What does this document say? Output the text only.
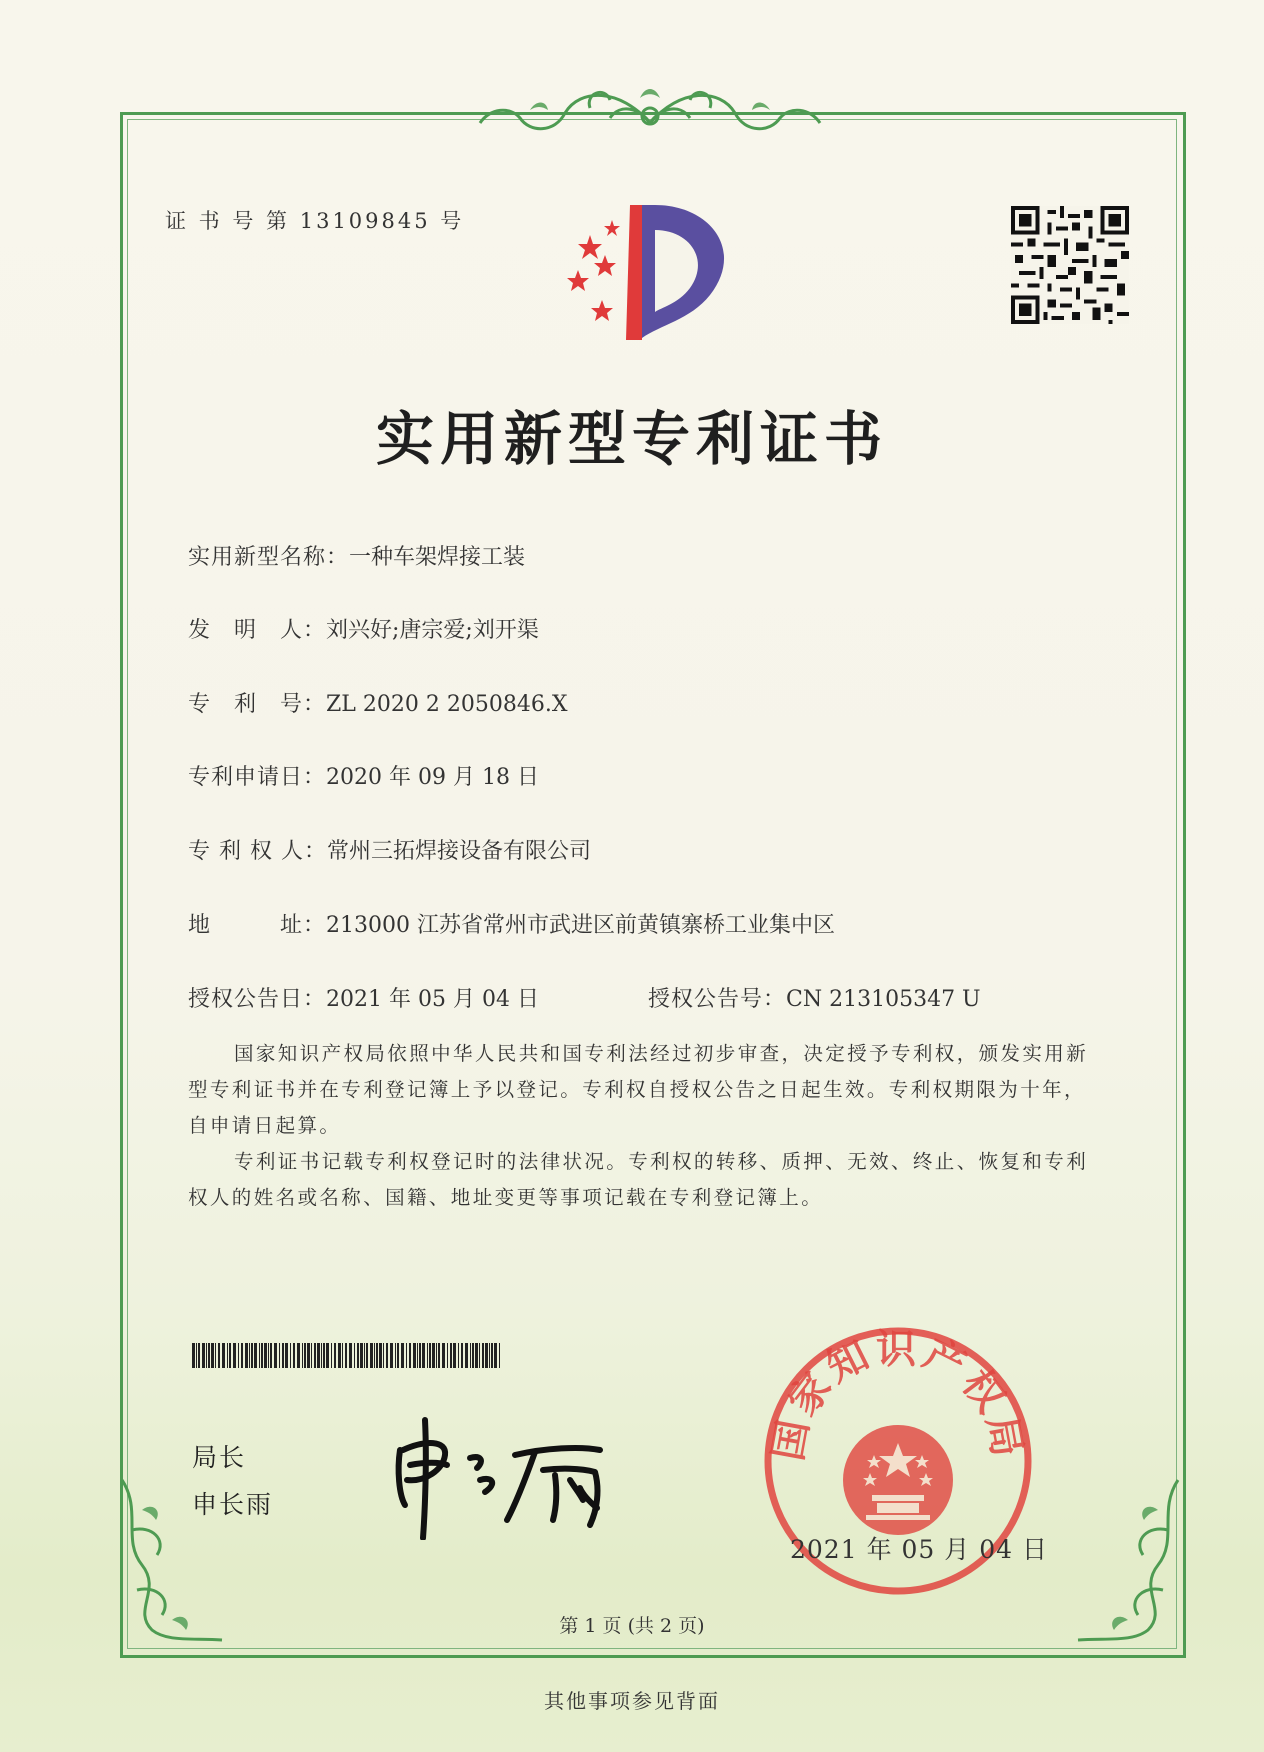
证 书 号 第 13109845 号
实用新型专利证书
实用新型名称：一种车架焊接工装
发　明　人：刘兴好;唐宗爱;刘开渠
专　利　号：ZL 2020 2 2050846.X
专利申请日：2020 年 09 月 18 日
专 利 权 人：常州三拓焊接设备有限公司
地　　　址：213000 江苏省常州市武进区前黄镇寨桥工业集中区
授权公告日：2021 年 05 月 04 日	授权公告号：CN 213105347 U

国家知识产权局依照中华人民共和国专利法经过初步审查，决定授予专利权，颁发实用新型专利证书并在专利登记簿上予以登记。专利权自授权公告之日起生效。专利权期限为十年，自申请日起算。

专利证书记载专利权登记时的法律状况。专利权的转移、质押、无效、终止、恢复和专利权人的姓名或名称、国籍、地址变更等事项记载在专利登记簿上。

局长
申长雨
国家知识产权局
2021 年 05 月 04 日
第 1 页 (共 2 页)
其他事项参见背面
